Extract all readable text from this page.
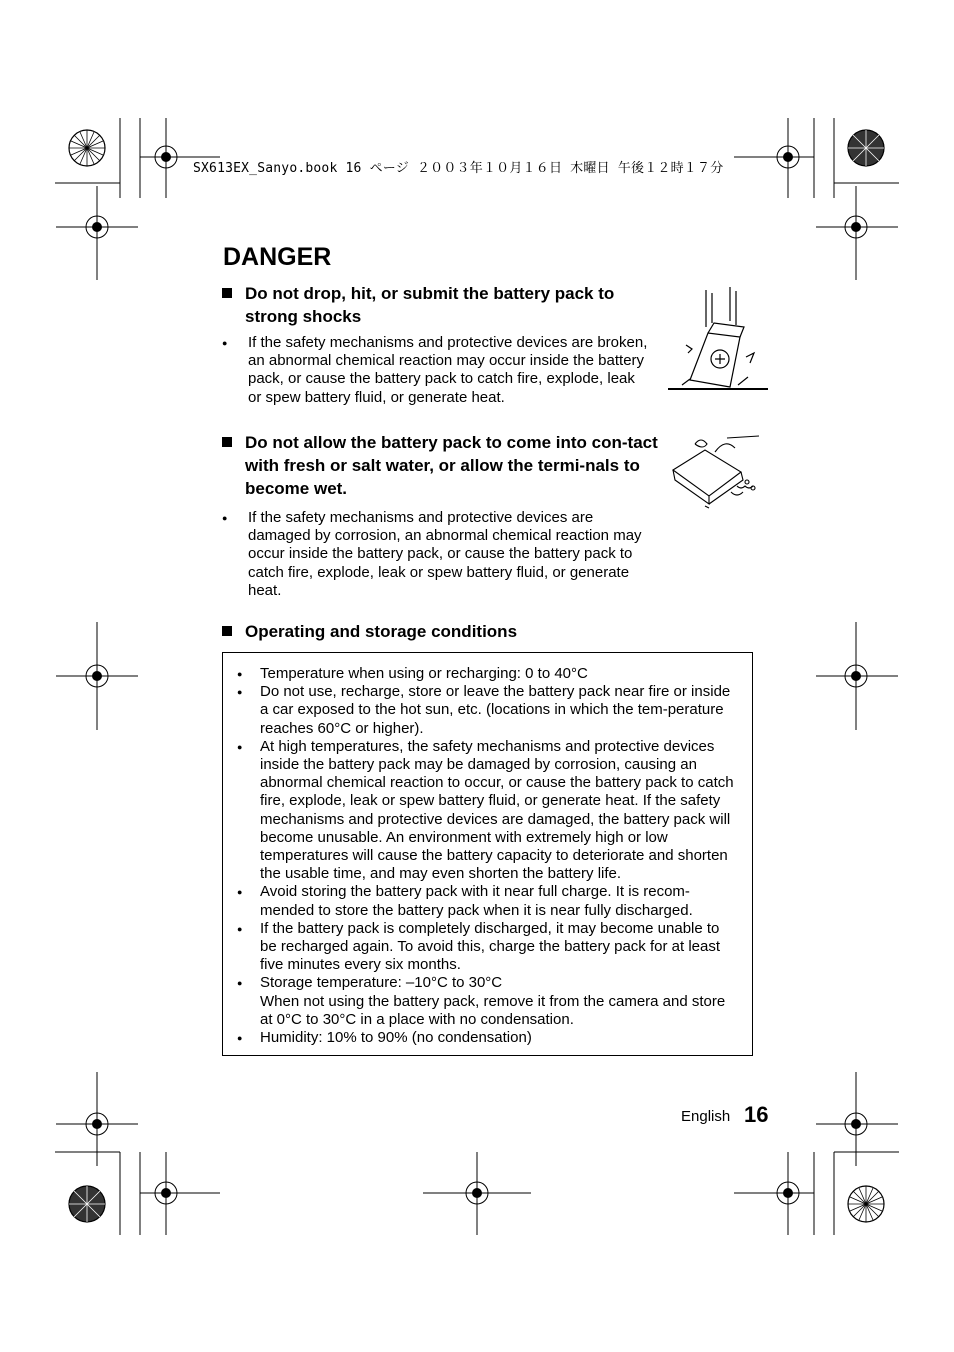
SX613EX_Sanyo.book 16 ページ ２００３年１０月１６日 木曜日 午後１２時１７分
DANGER
Do not drop, hit, or submit the battery pack to strong shocks
● If the safety mechanisms and protective devices are broken, an abnormal chemical reaction may occur inside the battery pack, or cause the battery pack to catch fire, explode, leak or spew battery fluid, or generate heat.
Do not allow the battery pack to come into con-tact with fresh or salt water, or allow the termi-nals to become wet.
● If the safety mechanisms and protective devices are damaged by corrosion, an abnormal chemical reaction may occur inside the battery pack, or cause the battery pack to catch fire, explode, leak or spew battery fluid, or generate heat.
Operating and storage conditions
● Temperature when using or recharging: 0 to 40°C
● Do not use, recharge, store or leave the battery pack near fire or inside a car exposed to the hot sun, etc. (locations in which the tem-perature reaches 60°C or higher).
● At high temperatures, the safety mechanisms and protective devices inside the battery pack may be damaged by corrosion, causing an abnormal chemical reaction to occur, or cause the battery pack to catch fire, explode, leak or spew battery fluid, or generate heat. If the safety mechanisms and protective devices are damaged, the battery pack will become unusable. An environment with extremely high or low temperatures will cause the battery capacity to deteriorate and shorten the usable time, and may even shorten the battery life.
● Avoid storing the battery pack with it near full charge. It is recom-mended to store the battery pack when it is near fully discharged.
● If the battery pack is completely discharged, it may become unable to be recharged again. To avoid this, charge the battery pack for at least five minutes every six months.
● Storage temperature: –10°C to 30°C
When not using the battery pack, remove it from the camera and store at 0°C to 30°C in a place with no condensation.
● Humidity: 10% to 90% (no condensation)
English 16
